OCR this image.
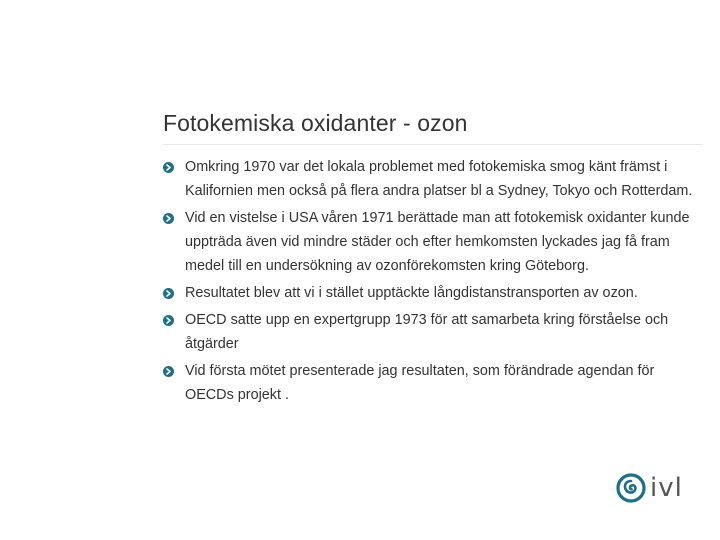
Fotokemiska oxidanter - ozon
Omkring 1970 var det lokala problemet med fotokemiska smog känt främst i Kalifornien men också på flera andra platser bl a Sydney, Tokyo och Rotterdam.
Vid en vistelse i USA våren 1971 berättade man att fotokemisk oxidanter kunde uppträda även vid mindre städer och efter hemkomsten lyckades jag få fram medel till en undersökning av ozonförekomsten kring Göteborg.
Resultatet blev att vi i stället upptäckte långdistanstransporten av ozon.
OECD satte upp en expertgrupp 1973 för att samarbeta kring förståelse och åtgärder
Vid första mötet presenterade jag resultaten, som förändrade agendan för OECDs projekt .
ivl
